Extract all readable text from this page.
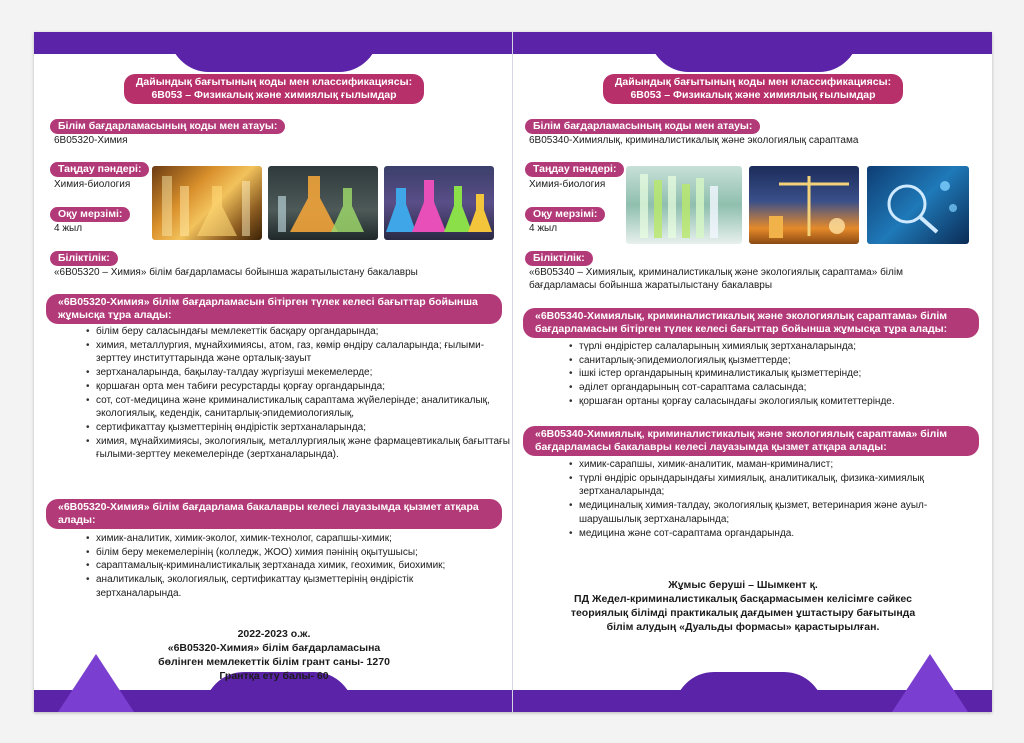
Дайындық бағытының коды мен классификациясы:
6B053 – Физикалық және химиялық ғылымдар
Білім бағдарламасының коды мен атауы:
6B05320-Химия
Таңдау пәндері:
Химия-биология
Оқу мерзімі:
4 жыл
Біліктілік:
«6B05320 – Химия» білім бағдарламасы бойынша жаратылыстану бакалавры
«6B05320-Химия» білім бағдарламасын бітірген түлек келесі бағыттар бойынша
жұмысқа тұра алады:
• білім беру саласындағы мемлекеттік басқару органдарында;
• химия, металлургия, мұнайхимиясы, атом, газ, көмір өндіру салаларында; ғылыми-зерттеу институттарында және орталық-зауыт
• зертханаларында, бақылау-талдау жүргізуші мекемелерде;
• қоршаған орта мен табиғи ресурстарды қорғау органдарында;
• сот, сот-медицина және криминалистикалық сараптама жүйелерінде; аналитикалық, экологиялық, кедендік, санитарлық-эпидемиологиялық,
• сертификаттау қызметтерінің өндірістік зертханаларында;
• химия, мұнайхимиясы, экологиялық, металлургиялық және фармацевтикалық бағыттағы ғылыми-зерттеу мекемелерінде (зертханаларында).
«6B05320-Химия» білім бағдарлама бакалавры келесі лауазымда қызмет атқара
алады:
• химик-аналитик, химик-эколог, химик-технолог, сарапшы-химик;
• білім беру мекемелерінің (колледж, ЖОО) химия пәнінің оқытушысы;
• сараптамалық-криминалистикалық зертханада химик, геохимик, биохимик;
• аналитикалық, экологиялық, сертификаттау қызметтерінің өндірістік зертханаларында.
2022-2023 о.ж.
«6B05320-Химия» білім бағдарламасына
бөлінген мемлекеттік білім грант саны- 1270
Грантқа ету балы- 60
Дайындық бағытының коды мен классификациясы:
6B053 – Физикалық және химиялық ғылымдар
Білім бағдарламасының коды мен атауы:
6B05340-Химиялық, криминалистикалық және экологиялық сараптама
Таңдау пәндері:
Химия-биология
Оқу мерзімі:
4 жыл
Біліктілік:
«6B05340 – Химиялық, криминалистикалық және экологиялық сараптама» білім
бағдарламасы бойынша жаратылыстану бакалавры
«6B05340-Химиялық, криминалистикалық және экологиялық сараптама» білім
бағдарламасын бітірген түлек келесі бағыттар бойынша жұмысқа тұра алады:
• түрлі өндірістер салаларының химиялық зертханаларында;
• санитарлық-эпидемиологиялық қызметтерде;
• ішкі істер органдарының криминалистикалық қызметтерінде;
• әділет органдарының сот-сараптама саласында;
• қоршаған ортаны қорғау саласындағы экологиялық комитеттерінде.
«6B05340-Химиялық, криминалистикалық және экологиялық сараптама» білім
бағдарламасы бакалавры келесі лауазымда қызмет атқара алады:
• химик-сарапшы, химик-аналитик, маман-криминалист;
• түрлі өндіріс орындарындағы химиялық, аналитикалық, физика-химиялық зертханаларында;
• медициналық химия-талдау, экологиялық қызмет, ветеринария және ауыл-шаруашылық зертханаларында;
• медицина және сот-сараптама органдарында.
Жұмыс беруші – Шымкент қ.
ПД Жедел-криминалистикалық басқармасымен келісімге сәйкес
теориялық білімді практикалық дағдымен ұштастыру бағытында
білім алудың «Дуальды формасы» қарастырылған.
